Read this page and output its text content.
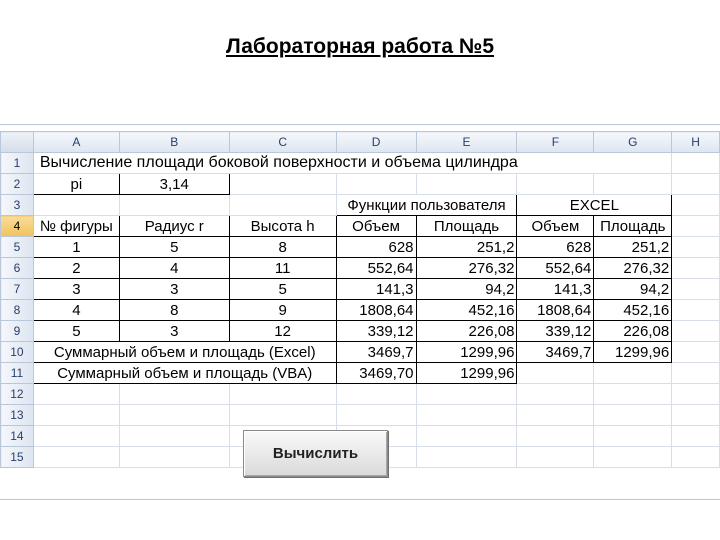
Лабораторная работа №5
	A	B	C	D	E	F	G	H
1	Вычисление площади боковой поверхности и объема цилиндра							
2	pi	3,14						
3				Функции пользователя		EXCEL		
4	№ фигуры	Радиус r	Высота h	Объем	Площадь	Объем	Площадь	
5	1	5	8	628	251,2	628	251,2	
6	2	4	11	552,64	276,32	552,64	276,32	
7	3	3	5	141,3	94,2	141,3	94,2	
8	4	8	9	1808,64	452,16	1808,64	452,16	
9	5	3	12	339,12	226,08	339,12	226,08	
10	Суммарный объем и площадь (Excel)			3469,7	1299,96	3469,7	1299,96	
11	Суммарный объем и площадь (VBA)			3469,70	1299,96			
12								
13								
14								
15									Вычислить
